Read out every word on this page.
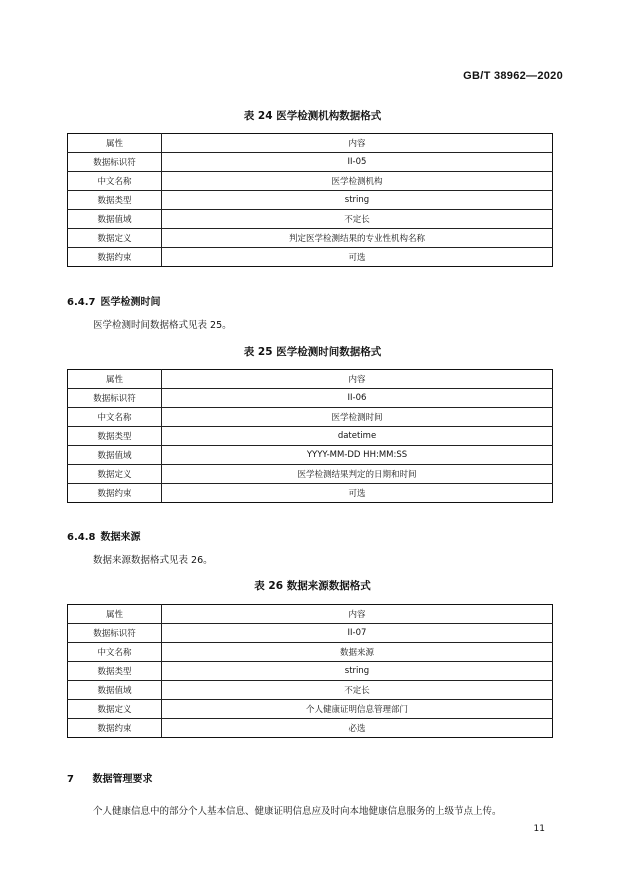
GB/T 38962—2020
表 24 医学检测机构数据格式
属性	内容
数据标识符	II-05
中文名称	医学检测机构
数据类型	string
数据值域	不定长
数据定义	判定医学检测结果的专业性机构名称
数据约束	可选
6.4.7 医学检测时间
医学检测时间数据格式见表 25。
表 25 医学检测时间数据格式
属性	内容
数据标识符	II-06
中文名称	医学检测时间
数据类型	datetime
数据值域	YYYY-MM-DD HH:MM:SS
数据定义	医学检测结果判定的日期和时间
数据约束	可选
6.4.8 数据来源
数据来源数据格式见表 26。
表 26 数据来源数据格式
属性	内容
数据标识符	II-07
中文名称	数据来源
数据类型	string
数据值域	不定长
数据定义	个人健康证明信息管理部门
数据约束	必选
7 数据管理要求
个人健康信息中的部分个人基本信息、健康证明信息应及时向本地健康信息服务的上级节点上传。
11
